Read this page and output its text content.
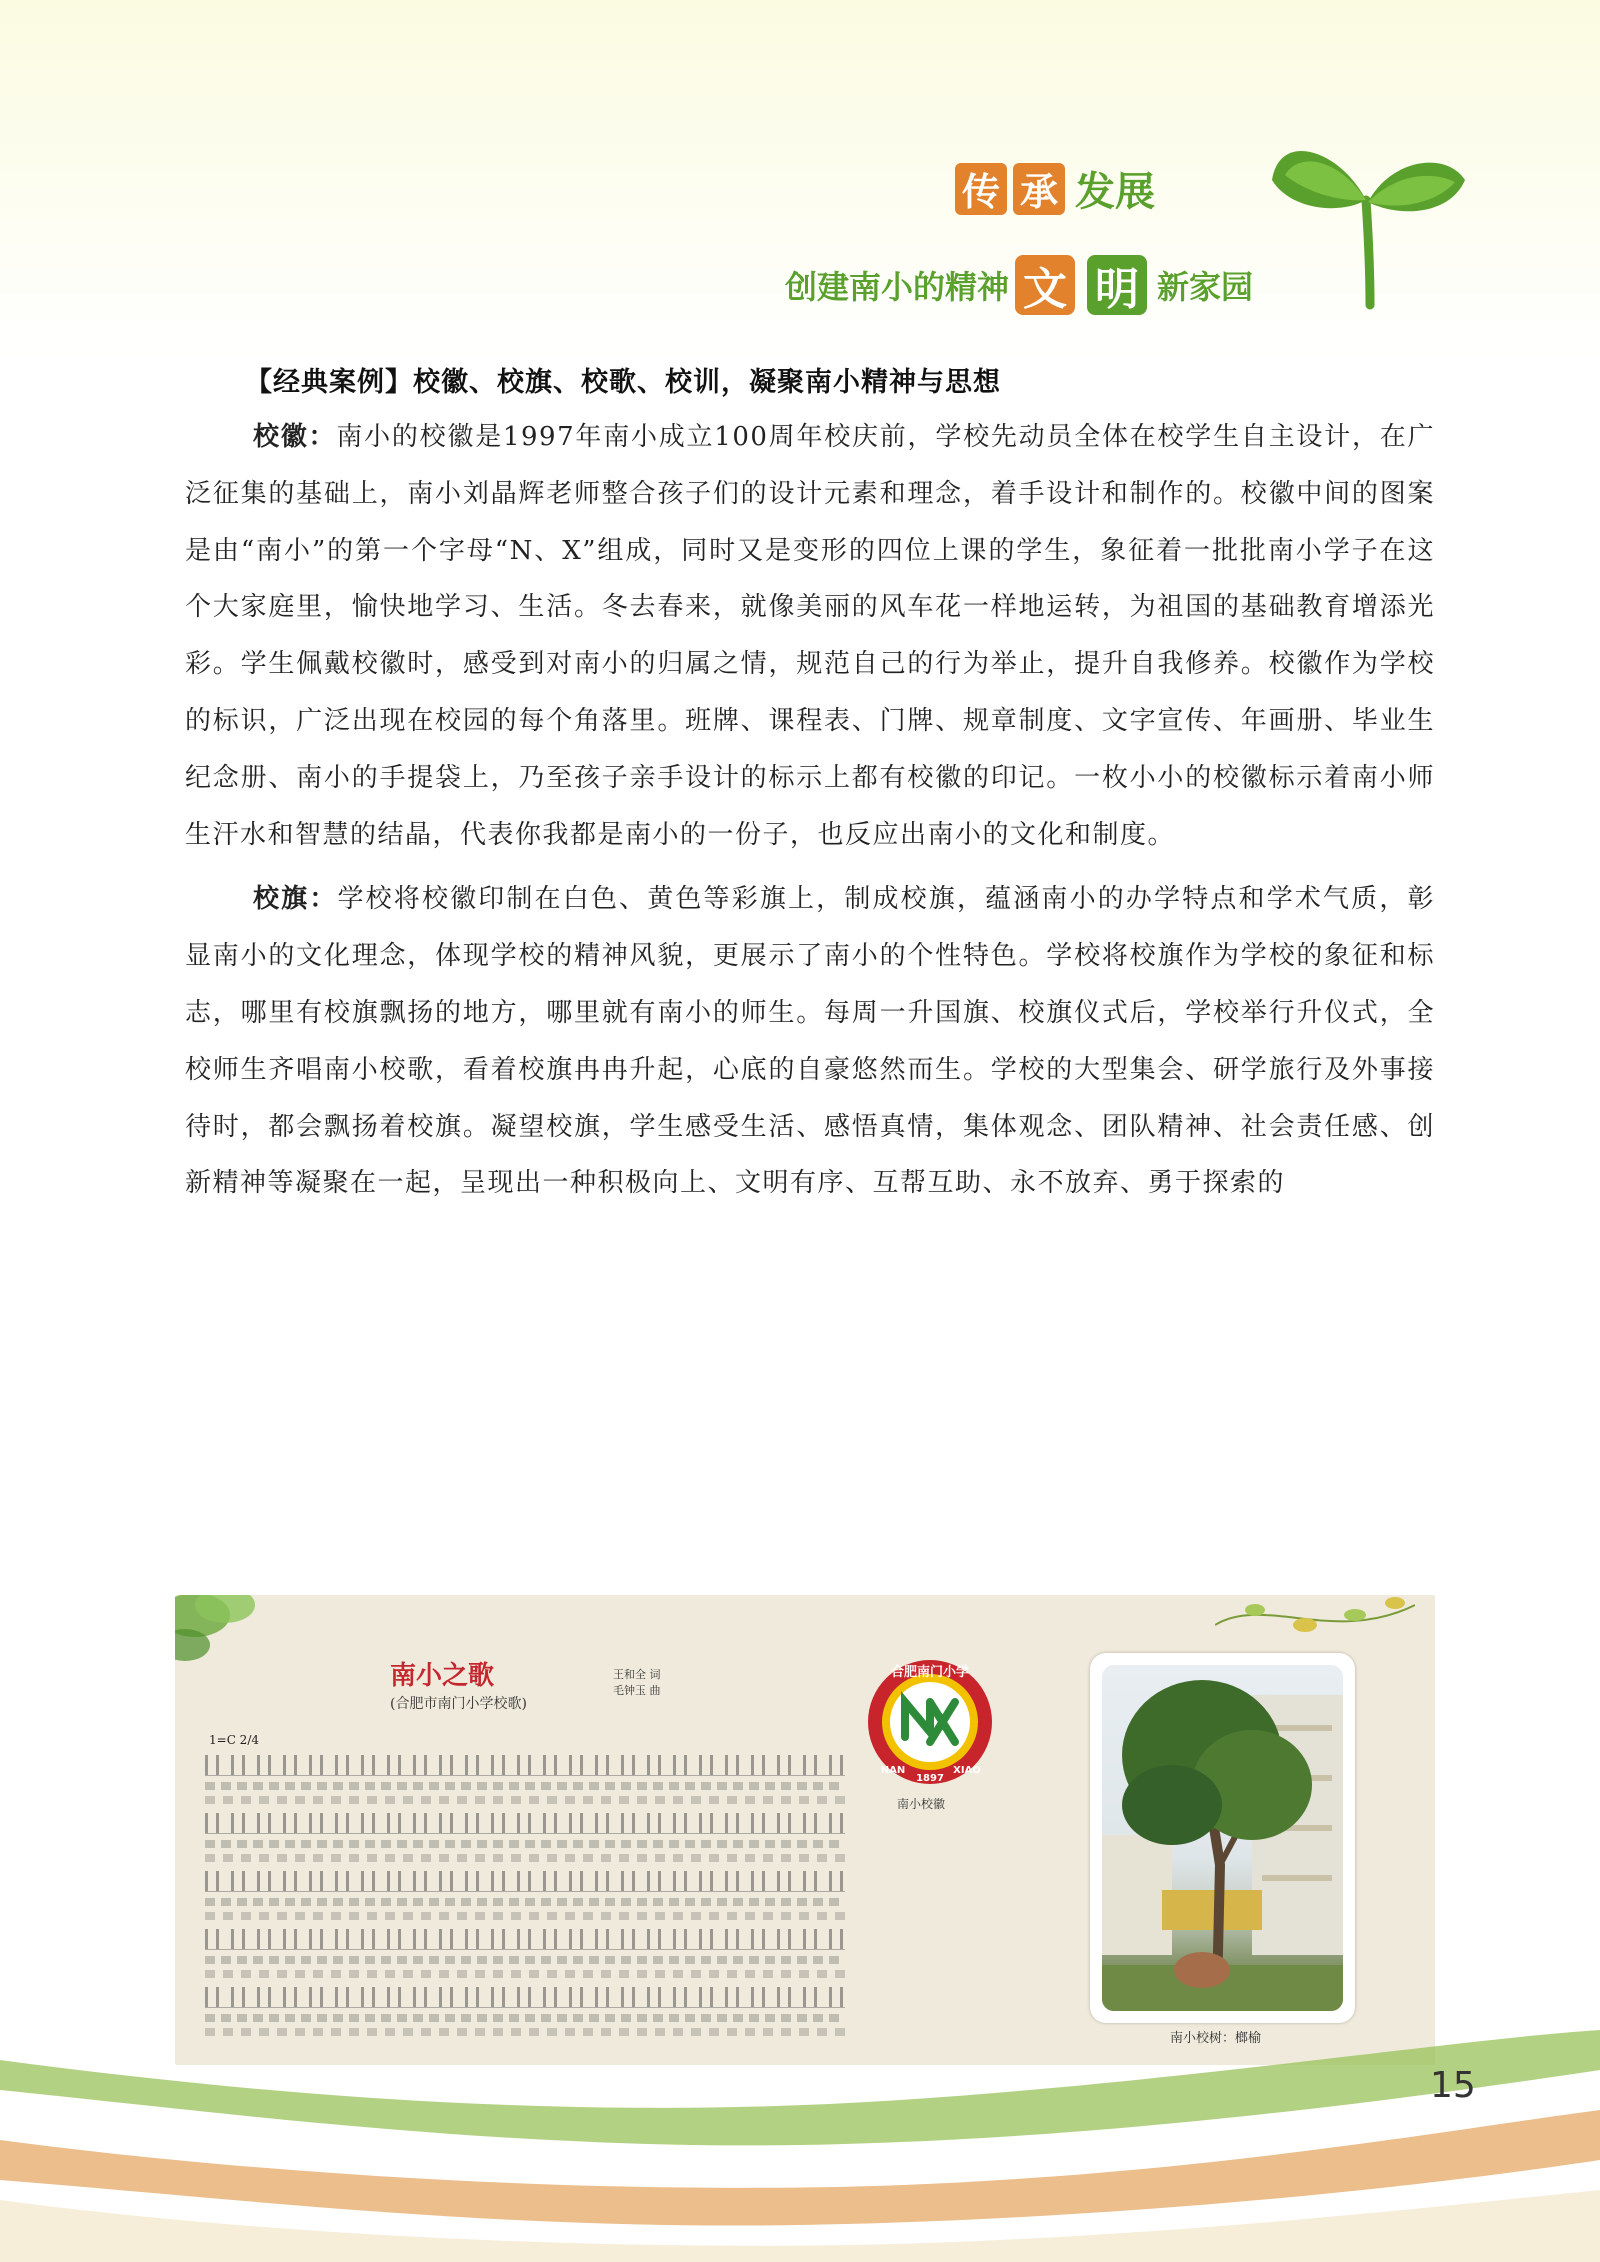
传 承 发展
创建南小的精神 文 明 新家园
【经典案例】校徽、校旗、校歌、校训，凝聚南小精神与思想

校徽：南小的校徽是1997年南小成立100周年校庆前，学校先动员全体在校学生自主设计，在广泛征集的基础上，南小刘晶辉老师整合孩子们的设计元素和理念，着手设计和制作的。校徽中间的图案是由“南小”的第一个字母“N、X”组成，同时又是变形的四位上课的学生，象征着一批批南小学子在这个大家庭里，愉快地学习、生活。冬去春来，就像美丽的风车花一样地运转，为祖国的基础教育增添光彩。学生佩戴校徽时，感受到对南小的归属之情，规范自己的行为举止，提升自我修养。校徽作为学校的标识，广泛出现在校园的每个角落里。班牌、课程表、门牌、规章制度、文字宣传、年画册、毕业生纪念册、南小的手提袋上，乃至孩子亲手设计的标示上都有校徽的印记。一枚小小的校徽标示着南小师生汗水和智慧的结晶，代表你我都是南小的一份子，也反应出南小的文化和制度。

校旗：学校将校徽印制在白色、黄色等彩旗上，制成校旗，蕴涵南小的办学特点和学术气质，彰显南小的文化理念，体现学校的精神风貌，更展示了南小的个性特色。学校将校旗作为学校的象征和标志，哪里有校旗飘扬的地方，哪里就有南小的师生。每周一升国旗、校旗仪式后，学校举行升仪式，全校师生齐唱南小校歌，看着校旗冉冉升起，心底的自豪悠然而生。学校的大型集会、研学旅行及外事接待时，都会飘扬着校旗。凝望校旗，学生感受生活、感悟真情，集体观念、团队精神、社会责任感、创新精神等凝聚在一起，呈现出一种积极向上、文明有序、互帮互助、永不放弃、勇于探索的

南小之歌
(合肥市南门小学校歌)
王和全 词
毛钟玉 曲
1=C 2/4
合肥南门小学
NAN
1897
XIAO
南小校徽
南小校树：榔榆
15
